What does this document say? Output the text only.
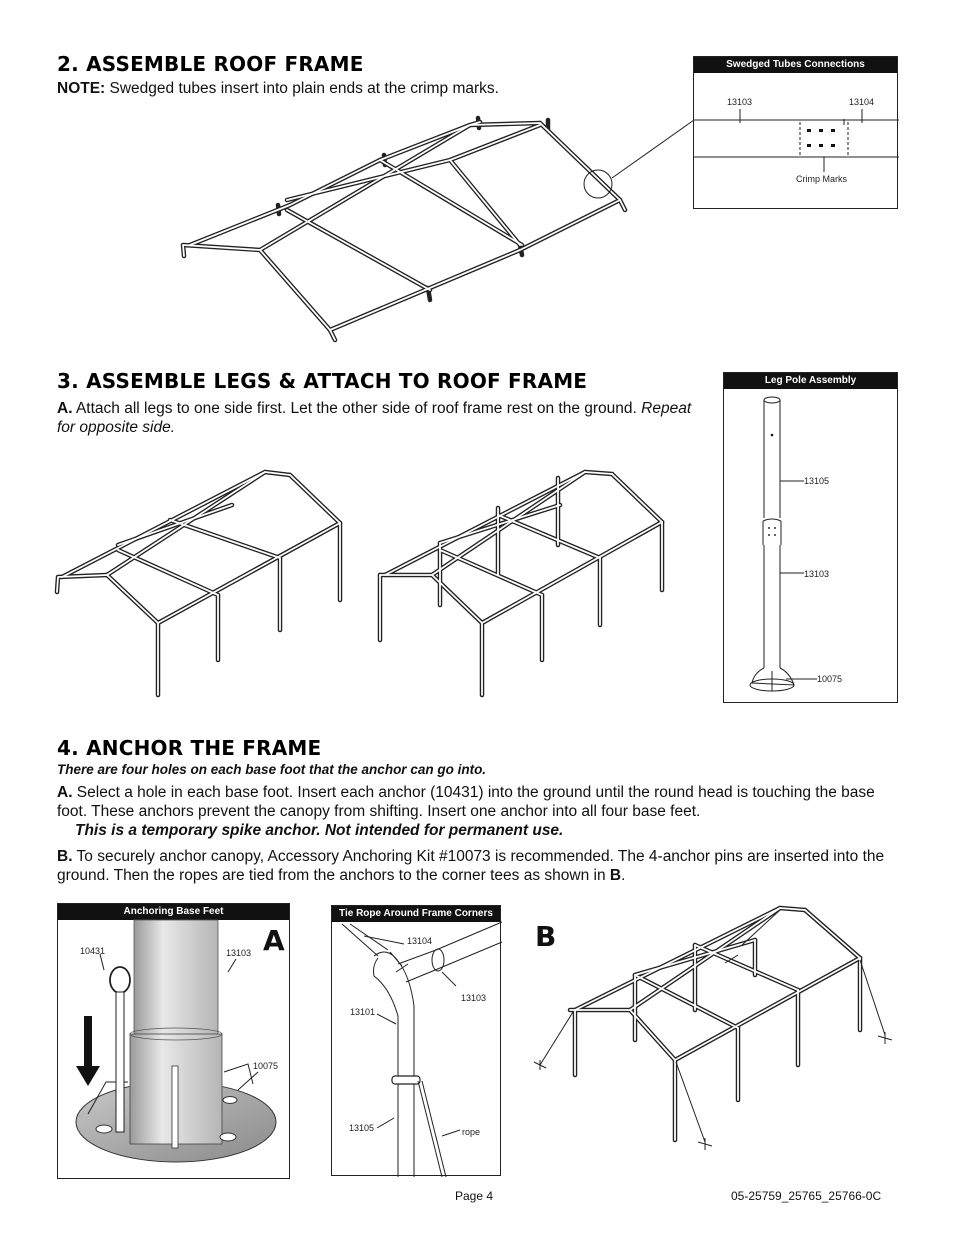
2. ASSEMBLE ROOF FRAME
NOTE: Swedged tubes insert into plain ends at the crimp marks.
Swedged Tubes Connections
13103	13104
Crimp Marks
3. ASSEMBLE LEGS & ATTACH TO ROOF FRAME
A. Attach all legs to one side first. Let the other side of roof frame rest on the ground. Repeat for opposite side.
Leg Pole Assembly
13105
13103
10075
4. ANCHOR THE FRAME
There are four holes on each base foot that the anchor can go into.
A. Select a hole in each base foot. Insert each anchor (10431) into the ground until the round head is touching the base foot. These anchors prevent the canopy from shifting. Insert one anchor into all four base feet.
This is a temporary spike anchor. Not intended for permanent use.
B. To securely anchor canopy, Accessory Anchoring Kit #10073 is recommended. The 4-anchor pins are inserted into the ground. Then the ropes are tied from the anchors to the corner tees as shown in B.
Anchoring Base Feet
10431	13103
10075
A
Tie Rope Around Frame Corners
13104
13103
13101
13105	rope
B
Page 4	05-25759_25765_25766-0C
